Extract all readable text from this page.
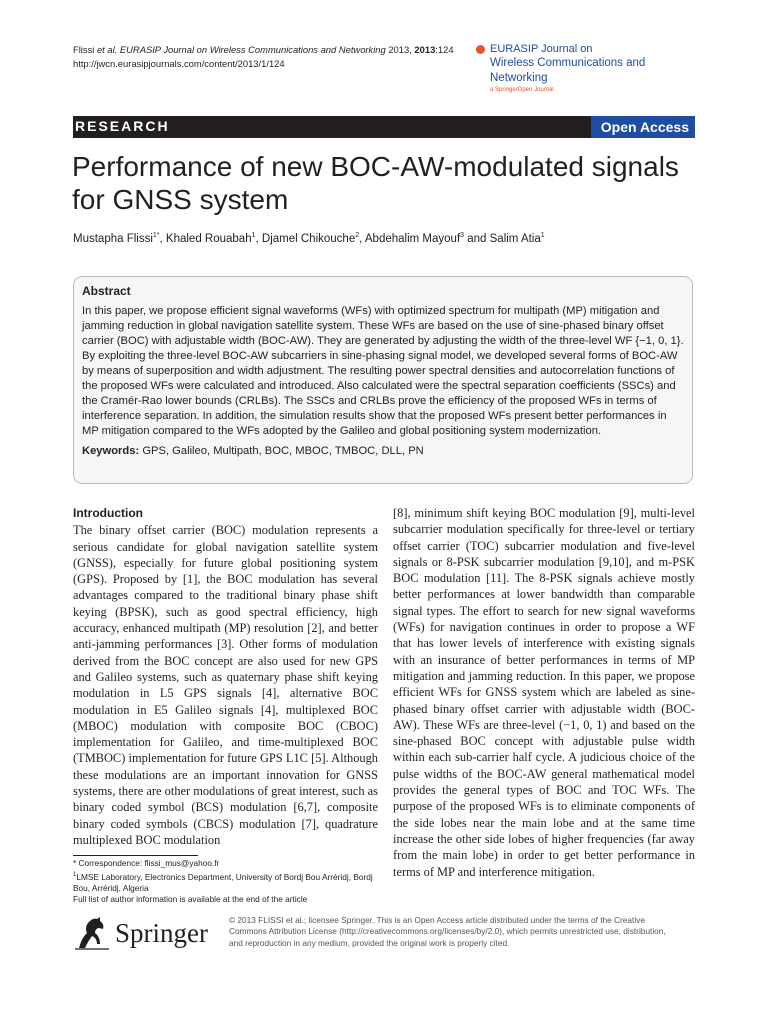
Flissi et al. EURASIP Journal on Wireless Communications and Networking 2013, 2013:124
http://jwcn.eurasipjournals.com/content/2013/1/124
EURASIP Journal on
Wireless Communications and Networking
a SpringerOpen Journal
RESEARCH	Open Access
Performance of new BOC-AW-modulated signals for GNSS system
Mustapha Flissi$^{1*}$, Khaled Rouabah$^1$, Djamel Chikouche$^2$, Abdehalim Mayouf$^3$ and Salim Atia$^1$
Abstract
In this paper, we propose efficient signal waveforms (WFs) with optimized spectrum for multipath (MP) mitigation and jamming reduction in global navigation satellite system. These WFs are based on the use of sine-phased binary offset carrier (BOC) with adjustable width (BOC-AW). They are generated by adjusting the width of the three-level WF {−1, 0, 1}. By exploiting the three-level BOC-AW subcarriers in sine-phasing signal model, we developed several forms of BOC-AW by means of superposition and width adjustment. The resulting power spectral densities and autocorrelation functions of the proposed WFs were calculated and introduced. Also calculated were the spectral separation coefficients (SSCs) and the Cramér-Rao lower bounds (CRLBs). The SSCs and CRLBs prove the efficiency of the proposed WFs in terms of interference separation. In addition, the simulation results show that the proposed WFs present better performances in MP mitigation compared to the WFs adopted by the Galileo and global positioning system modernization.
Keywords: GPS, Galileo, Multipath, BOC, MBOC, TMBOC, DLL, PN
Introduction
The binary offset carrier (BOC) modulation represents a serious candidate for global navigation satellite system (GNSS), especially for future global positioning system (GPS). Proposed by [1], the BOC modulation has several advantages compared to the traditional binary phase shift keying (BPSK), such as good spectral efficiency, high accuracy, enhanced multipath (MP) resolution [2], and better anti-jamming performances [3]. Other forms of modulation derived from the BOC concept are also used for new GPS and Galileo systems, such as quaternary phase shift keying modulation in L5 GPS signals [4], alternative BOC modulation in E5 Galileo signals [4], multiplexed BOC (MBOC) modulation with composite BOC (CBOC) implementation for Galileo, and time-multiplexed BOC (TMBOC) implementation for future GPS L1C [5]. Although these modulations are an important innovation for GNSS systems, there are other modulations of great interest, such as binary coded symbol (BCS) modulation [6,7], composite binary coded symbols (CBCS) modulation [7], quadrature multiplexed BOC modulation
[8], minimum shift keying BOC modulation [9], multi-level subcarrier modulation specifically for three-level or tertiary offset carrier (TOC) subcarrier modulation and five-level signals or 8-PSK subcarrier modulation [9,10], and m-PSK BOC modulation [11]. The 8-PSK signals achieve mostly better performances at lower bandwidth than comparable signal types. The effort to search for new signal waveforms (WFs) for navigation continues in order to propose a WF that has lower levels of interference with existing signals with an insurance of better performances in terms of MP mitigation and jamming reduction. In this paper, we propose efficient WFs for GNSS system which are labeled as sine-phased binary offset carrier with adjustable width (BOC-AW). These WFs are three-level (−1, 0, 1) and based on the sine-phased BOC concept with adjustable pulse width within each sub-carrier half cycle. A judicious choice of the pulse widths of the BOC-AW general mathematical model provides the general types of BOC and TOC WFs. The purpose of the proposed WFs is to eliminate components of the side lobes near the main lobe and at the same time increase the other side lobes of higher frequencies (far away from the main lobe) in order to get better performance in terms of MP and interference mitigation.
* Correspondence: flissi_mus@yahoo.fr
$^1$LMSE Laboratory, Electronics Department, University of Bordj Bou Arréridj, Bordj Bou, Arréridj, Algeria
Full list of author information is available at the end of the article
Springer	© 2013 FLISSI et al.; licensee Springer. This is an Open Access article distributed under the terms of the Creative Commons Attribution License (http://creativecommons.org/licenses/by/2.0), which permits unrestricted use, distribution, and reproduction in any medium, provided the original work is properly cited.
